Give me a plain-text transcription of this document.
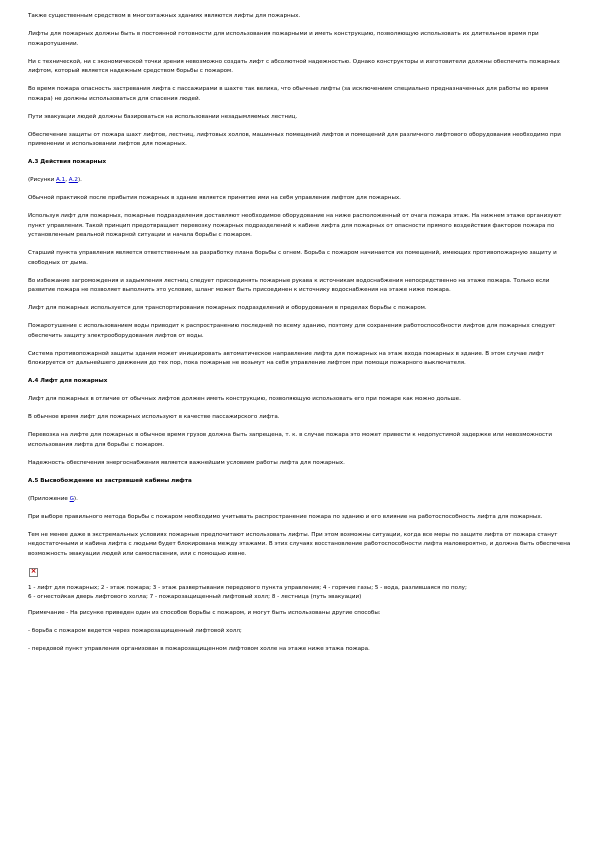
Также существенным средством в многоэтажных зданиях являются лифты для пожарных.

Лифты для пожарных должны быть в постоянной готовности для использования пожарными и иметь конструкцию, позволяющую использовать их длительное время при пожаротушении.

Ни с технической, ни с экономической точки зрения невозможно создать лифт с абсолютной надежностью. Однако конструкторы и изготовители должны обеспечить пожарных лифтом, который является надежным средством борьбы с пожаром.

Во время пожара опасность застревания лифта с пассажирами в шахте так велика, что обычные лифты (за исключением специально предназначенных для работы во время пожара) не должны использоваться для спасения людей.

Пути эвакуации людей должны базироваться на использовании незадымляемых лестниц.

Обеспечение защиты от пожара шахт лифтов, лестниц, лифтовых холлов, машинных помещений лифтов и помещений для различного лифтового оборудования необходимо при применении и использовании лифтов для пожарных.

А.3 Действия пожарных

(Рисунки А.1, А.2).

Обычной практикой после прибытия пожарных в здание является принятие ими на себя управления лифтом для пожарных.

Используя лифт для пожарных, пожарные подразделения доставляют необходимое оборудование на ниже расположенный от очага пожара этаж. На нижнем этаже организуют пункт управления. Такой принцип предотвращает перевозку пожарных подразделений к кабине лифта для пожарных от опасности прямого воздействия факторов пожара по установленным реальной пожарной ситуации и начала борьбы с пожаром.

Старший пункта управления является ответственным за разработку плана борьбы с огнем. Борьба с пожаром начинается из помещений, имеющих противопожарную защиту и свободных от дыма.

Во избежание загромождения и задымления лестниц следует присоединять пожарные рукава к источникам водоснабжения непосредственно на этаже пожара. Только если развитие пожара не позволяет выполнить это условие, шланг может быть присоединен к источнику водоснабжения на этаже ниже пожара.

Лифт для пожарных используется для транспортирования пожарных подразделений и оборудования в пределах борьбы с пожаром.

Пожаротушение с использованием воды приводит к распространению последней по всему зданию, поэтому для сохранения работоспособности лифтов для пожарных следует обеспечить защиту электрооборудования лифтов от воды.

Система противопожарной защиты здания может инициировать автоматическое направление лифта для пожарных на этаж входа пожарных в здание. В этом случае лифт блокируется от дальнейшего движения до тех пор, пока пожарные не возьмут на себя управление лифтом при помощи пожарного выключателя.

А.4 Лифт для пожарных

Лифт для пожарных в отличие от обычных лифтов должен иметь конструкцию, позволяющую использовать его при пожаре как можно дольше.

В обычное время лифт для пожарных используют в качестве пассажирского лифта.

Перевозка на лифте для пожарных в обычное время грузов должна быть запрещена, т. к. в случае пожара это может привести к недопустимой задержке или невозможности использования лифта для борьбы с пожаром.

Надежность обеспечения энергоснабжения является важнейшим условием работы лифта для пожарных.

А.5 Высвобождение из застрявшей кабины лифта

(Приложение G).

При выборе правильного метода борьбы с пожаром необходимо учитывать распространение пожара по зданию и его влияние на работоспособность лифта для пожарных.

Тем не менее даже в экстремальных условиях пожарные предпочитают использовать лифты. При этом возможны ситуации, когда все меры по защите лифта от пожара станут недостаточными и кабина лифта с людьми будет блокирована между этажами. В этих случаях восстановление работоспособности лифта маловероятно, и должна быть обеспечена возможность эвакуации людей или самоспасения, или с помощью извне.

×

1 - лифт для пожарных; 2 - этаж пожара; 3 - этаж развертывания передового пункта управления; 4 - горячие газы; 5 - вода, разлившаяся по полу;
6 - огнестойкая дверь лифтового холла; 7 - пожарозащищенный лифтовый холл; 8 - лестница (путь эвакуации)

Примечание - На рисунке приведен один из способов борьбы с пожаром, и могут быть использованы другие способы:

- борьба с пожаром ведется через пожарозащищенный лифтовой холл;

- передовой пункт управления организован в пожарозащищенном лифтовом холле на этаже ниже этажа пожара.
